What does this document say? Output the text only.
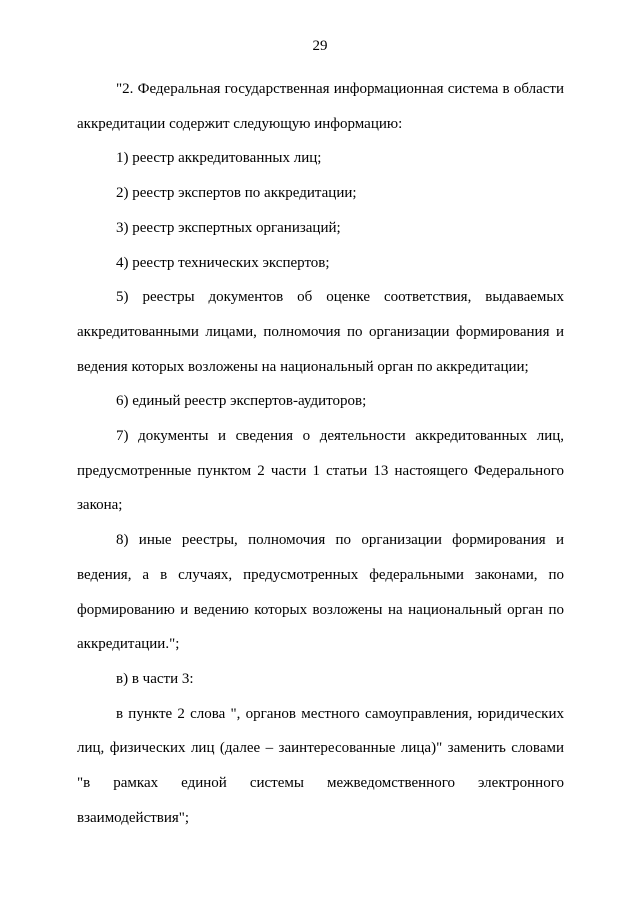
29

"2. Федеральная государственная информационная система в области аккредитации содержит следующую информацию:

1) реестр аккредитованных лиц;

2) реестр экспертов по аккредитации;

3) реестр экспертных организаций;

4) реестр технических экспертов;

5) реестры документов об оценке соответствия, выдаваемых аккредитованными лицами, полномочия по организации формирования и ведения которых возложены на национальный орган по аккредитации;

6) единый реестр экспертов-аудиторов;

7) документы и сведения о деятельности аккредитованных лиц, предусмотренные пунктом 2 части 1 статьи 13 настоящего Федерального закона;

8) иные реестры, полномочия по организации формирования и ведения, а в случаях, предусмотренных федеральными законами, по формированию и ведению которых возложены на национальный орган по аккредитации.";

в) в части 3:

в пункте 2 слова ", органов местного самоуправления, юридических лиц, физических лиц (далее – заинтересованные лица)" заменить словами "в рамках единой системы межведомственного электронного взаимодействия";
